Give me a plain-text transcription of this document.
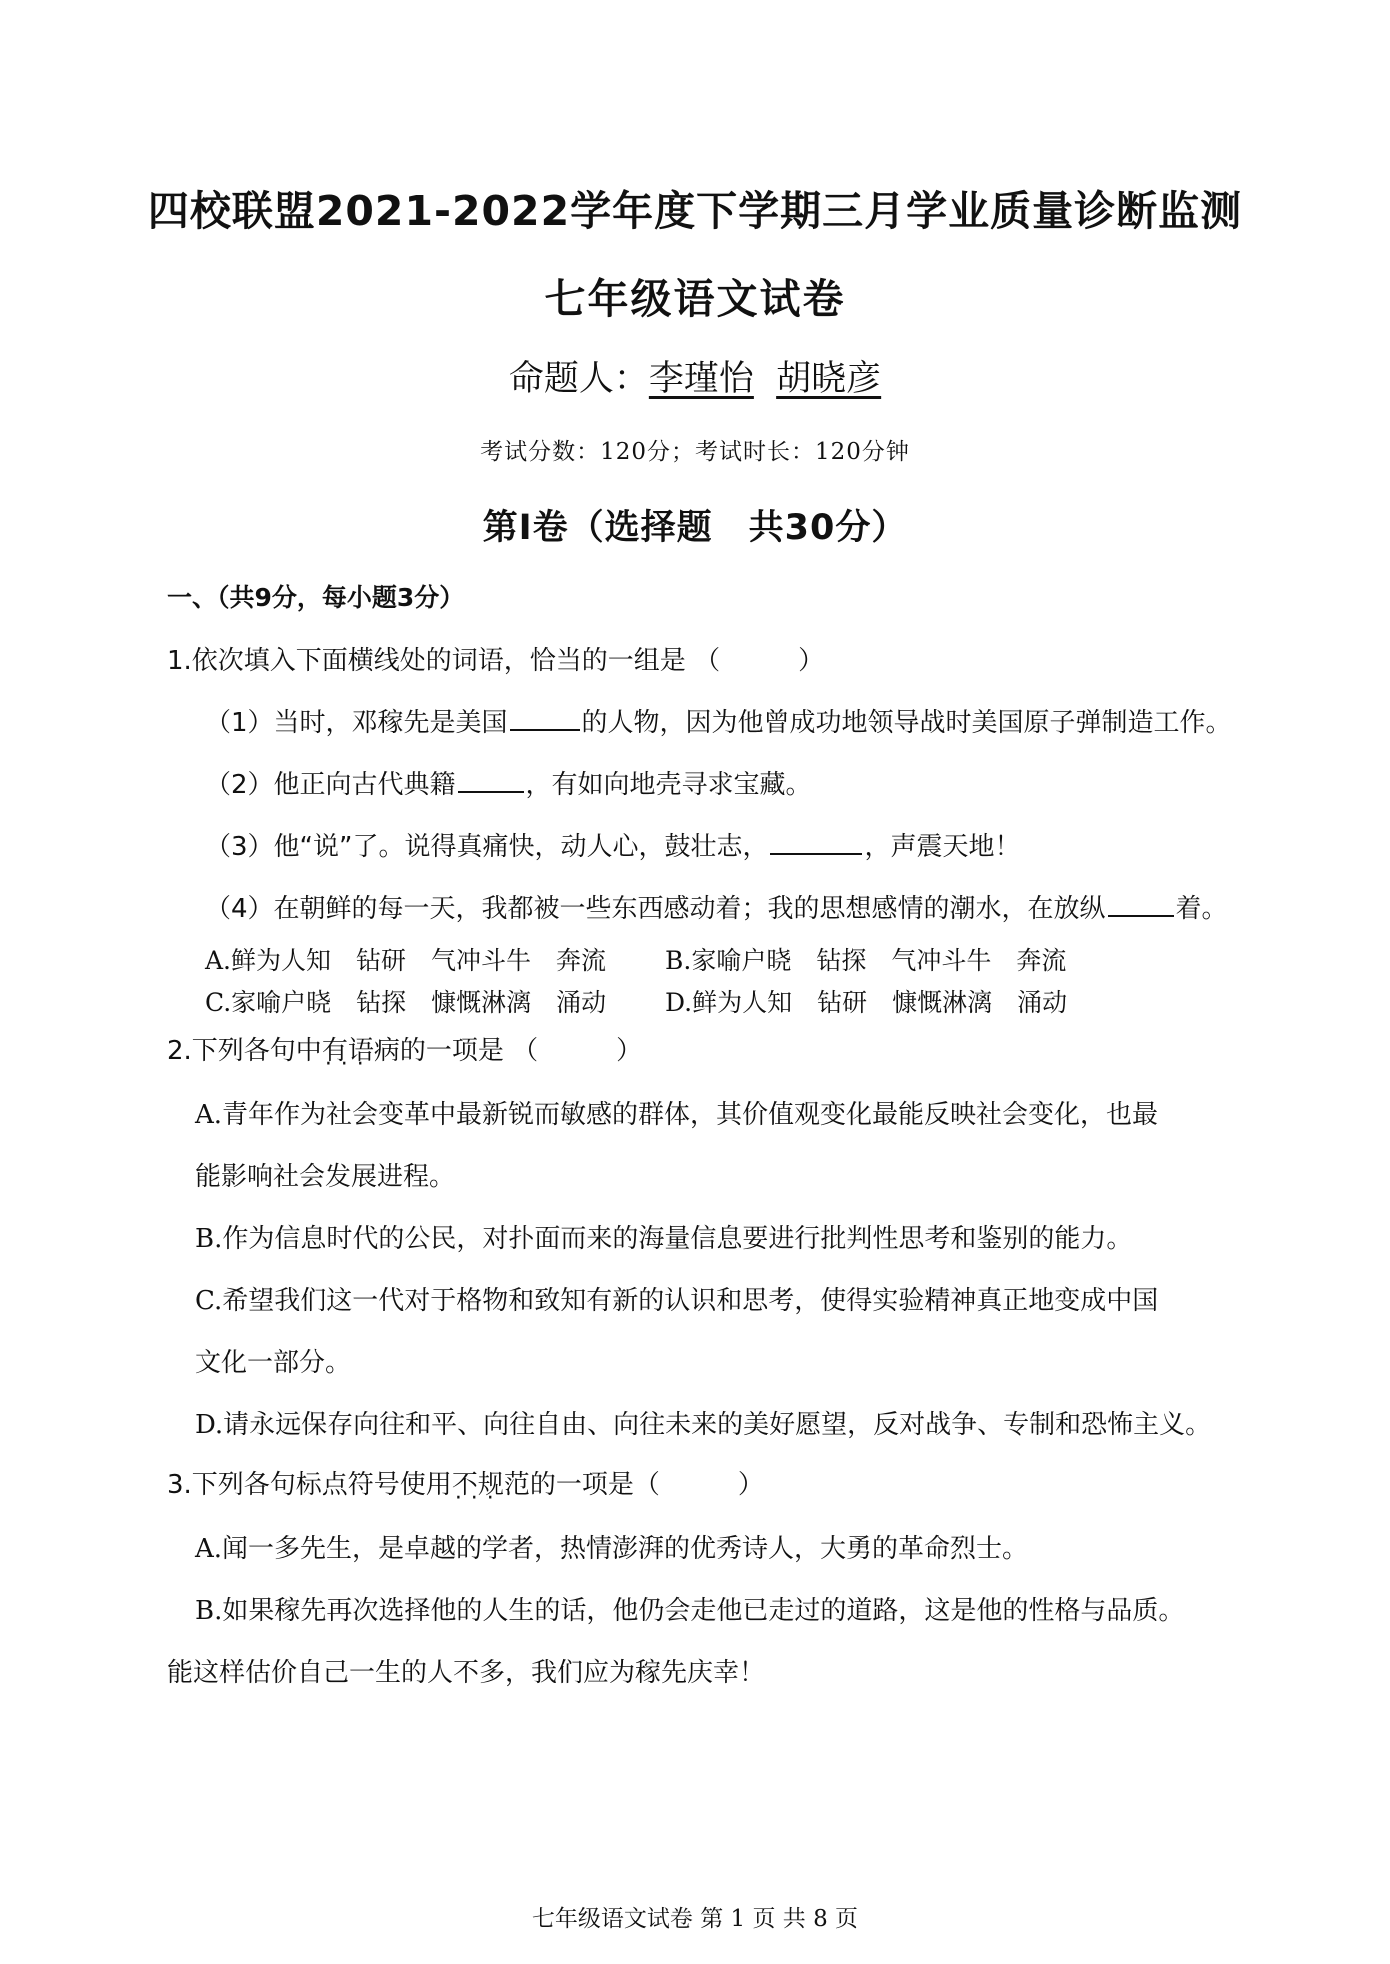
四校联盟2021-2022学年度下学期三月学业质量诊断监测
七年级语文试卷
命题人：李瑾怡 胡晓彦
考试分数：120分；考试时长：120分钟
第Ⅰ卷（选择题　共30分）
一、（共9分，每小题3分）
1.依次填入下面横线处的词语，恰当的一组是 （　　　）
（1）当时，邓稼先是美国	的人物，因为他曾成功地领导战时美国原子弹制造工作。
（2）他正向古代典籍	，有如向地壳寻求宝藏。
（3）他“说”了。说得真痛快，动人心，鼓壮志，	，声震天地！
（4）在朝鲜的每一天，我都被一些东西感动着；我的思想感情的潮水，在放纵	着。
A.鲜为人知　钻研　气冲斗牛　奔流 B.家喻户晓　钻探　气冲斗牛　奔流
C.家喻户晓　钻探　慷慨淋漓　涌动 D.鲜为人知　钻研　慷慨淋漓　涌动
2.下列各句中有语病 · · ·的一项是 （　　　）
A.青年作为社会变革中最新锐而敏感的群体，其价值观变化最能反映社会变化，也最
能影响社会发展进程。
B.作为信息时代的公民，对扑面而来的海量信息要进行批判性思考和鉴别的能力。
C.希望我们这一代对于格物和致知有新的认识和思考，使得实验精神真正地变成中国
文化一部分。
D.请永远保存向往和平、向往自由、向往未来的美好愿望，反对战争、专制和恐怖主义。
3.下列各句标点符号使用不规范 · · ·的一项是（　　　）
A.闻一多先生，是卓越的学者，热情澎湃的优秀诗人，大勇的革命烈士。
B.如果稼先再次选择他的人生的话，他仍会走他已走过的道路，这是他的性格与品质。
能这样估价自己一生的人不多，我们应为稼先庆幸！
七年级语文试卷 第 1 页 共 8 页
